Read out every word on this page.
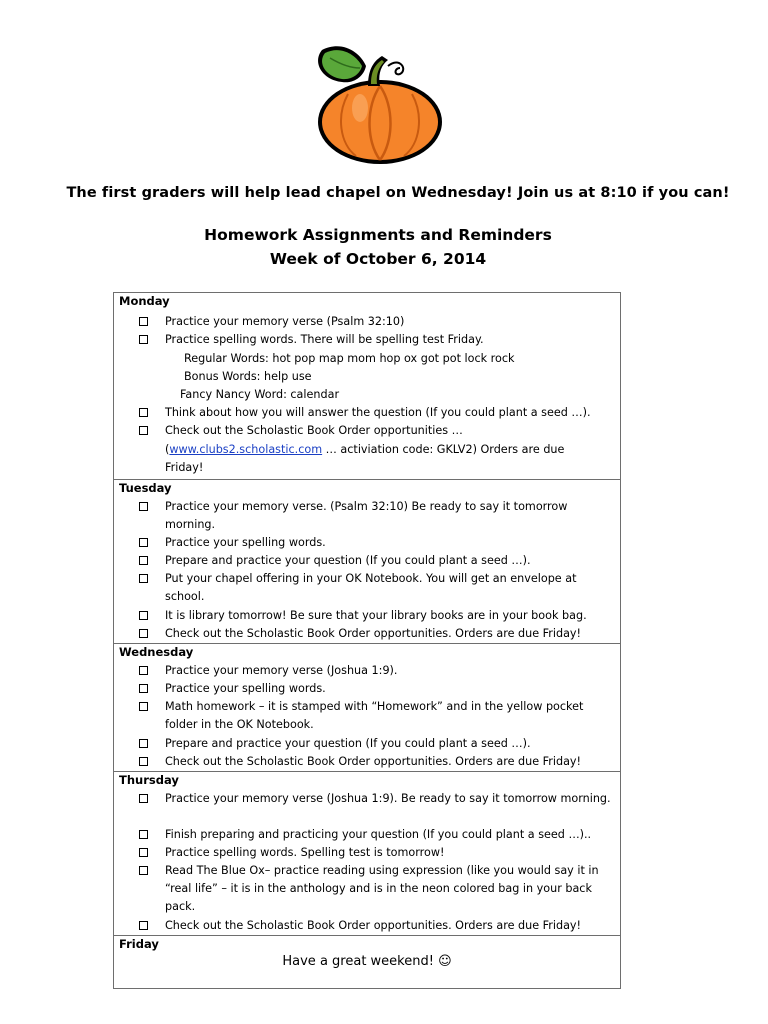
The first graders will help lead chapel on Wednesday! Join us at 8:10 if you can!
Homework Assignments and Reminders
Week of October 6, 2014
Monday
Practice your memory verse (Psalm 32:10)
Practice spelling words. There will be spelling test Friday.
Regular Words: hot pop map mom hop ox got pot lock rock
Bonus Words: help use
Fancy Nancy Word: calendar
Think about how you will answer the question (If you could plant a seed …).
Check out the Scholastic Book Order opportunities …
(www.clubs2.scholastic.com … activiation code: GKLV2) Orders are due
Friday!
Tuesday
Practice your memory verse. (Psalm 32:10) Be ready to say it tomorrow morning.
Practice your spelling words.
Prepare and practice your question (If you could plant a seed …).
Put your chapel offering in your OK Notebook. You will get an envelope at school.
It is library tomorrow! Be sure that your library books are in your book bag.
Check out the Scholastic Book Order opportunities. Orders are due Friday!
Wednesday
Practice your memory verse (Joshua 1:9).
Practice your spelling words.
Math homework – it is stamped with “Homework” and in the yellow pocket folder in the OK Notebook.
Prepare and practice your question (If you could plant a seed …).
Check out the Scholastic Book Order opportunities. Orders are due Friday!
Thursday
Practice your memory verse (Joshua 1:9). Be ready to say it tomorrow morning.
Finish preparing and practicing your question (If you could plant a seed …)..
Practice spelling words. Spelling test is tomorrow!
Read The Blue Ox– practice reading using expression (like you would say it in “real life” – it is in the anthology and is in the neon colored bag in your back pack.
Check out the Scholastic Book Order opportunities. Orders are due Friday!
Friday
Have a great weekend! ☺
